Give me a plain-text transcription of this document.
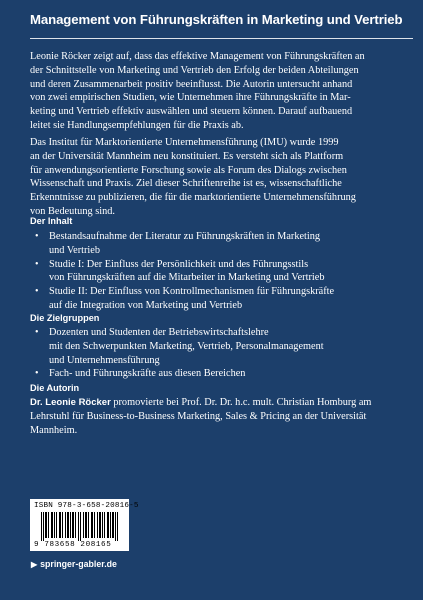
Management von Führungskräften in Marketing und Vertrieb
Leonie Röcker zeigt auf, dass das effektive Management von Führungskräften an
der Schnittstelle von Marketing und Vertrieb den Erfolg der beiden Abteilungen
und deren Zusammenarbeit positiv beeinflusst. Die Autorin untersucht anhand
von zwei empirischen Studien, wie Unternehmen ihre Führungskräfte in Mar-
keting und Vertrieb effektiv auswählen und steuern können. Darauf aufbauend
leitet sie Handlungsempfehlungen für die Praxis ab.
Das Institut für Marktorientierte Unternehmensführung (IMU) wurde 1999
an der Universität Mannheim neu konstituiert. Es versteht sich als Plattform
für anwendungsorientierte Forschung sowie als Forum des Dialogs zwischen
Wissenschaft und Praxis. Ziel dieser Schriftenreihe ist es, wissenschaftliche
Erkenntnisse zu publizieren, die für die marktorientierte Unternehmensführung
von Bedeutung sind.
Der Inhalt
• Bestandsaufnahme der Literatur zu Führungskräften in Marketing
und Vertrieb
• Studie I: Der Einfluss der Persönlichkeit und des Führungsstils
von Führungskräften auf die Mitarbeiter in Marketing und Vertrieb
• Studie II: Der Einfluss von Kontrollmechanismen für Führungskräfte
auf die Integration von Marketing und Vertrieb
Die Zielgruppen
• Dozenten und Studenten der Betriebswirtschaftslehre
mit den Schwerpunkten Marketing, Vertrieb, Personalmanagement
und Unternehmensführung
• Fach- und Führungskräfte aus diesen Bereichen
Die Autorin
Dr. Leonie Röcker promovierte bei Prof. Dr. Dr. h.c. mult. Christian Homburg am
Lehrstuhl für Business-to-Business Marketing, Sales & Pricing an der Universität
Mannheim.
ISBN 978-3-658-20816-5
9 783658 208165
▶ springer-gabler.de
